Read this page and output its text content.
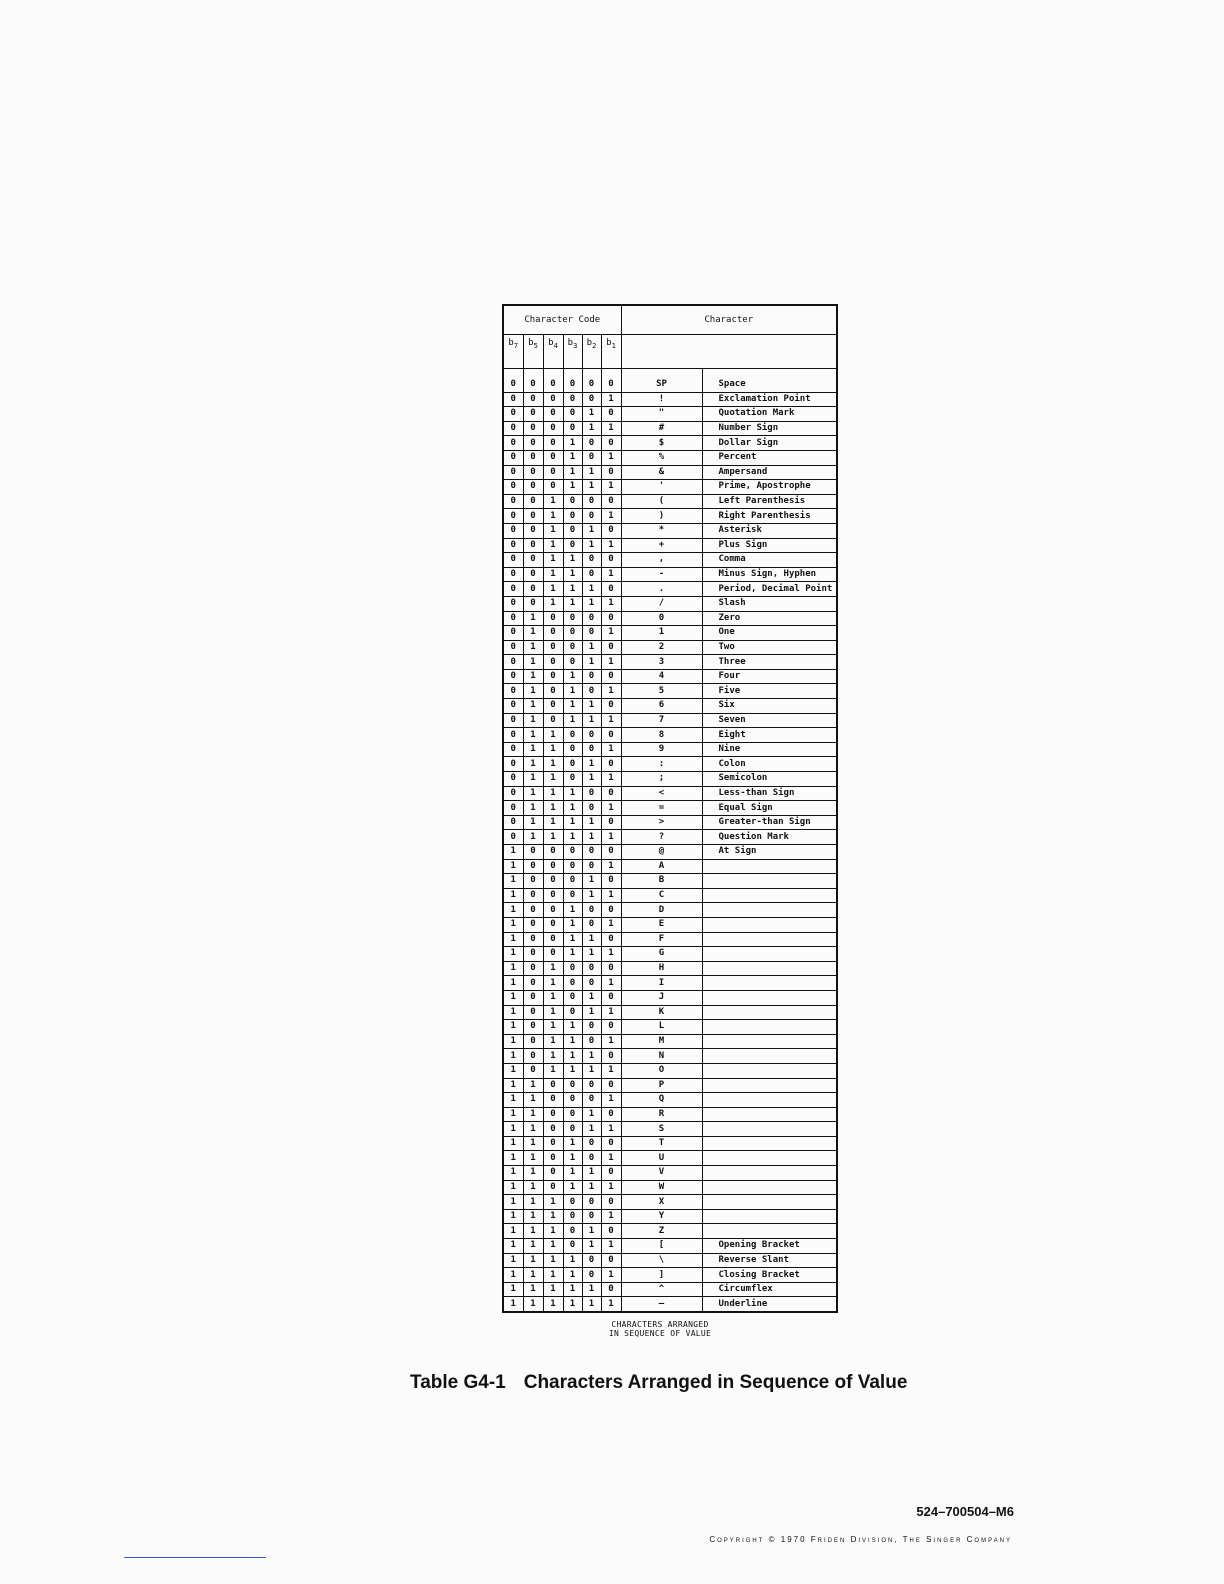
Character Code						Character	
$b_7$	$b_5$	$b_4$	$b_3$	$b_2$	$b_1$	

0	0	0	0	0	0	SP	Space
0	0	0	0	0	1	!	Exclamation Point
0	0	0	0	1	0	"	Quotation Mark
0	0	0	0	1	1	#	Number Sign
0	0	0	1	0	0	$	Dollar Sign
0	0	0	1	0	1	%	Percent
0	0	0	1	1	0	&	Ampersand
0	0	0	1	1	1	'	Prime, Apostrophe
0	0	1	0	0	0	(	Left Parenthesis
0	0	1	0	0	1	)	Right Parenthesis
0	0	1	0	1	0	*	Asterisk
0	0	1	0	1	1	+	Plus Sign
0	0	1	1	0	0	,	Comma
0	0	1	1	0	1	-	Minus Sign, Hyphen
0	0	1	1	1	0	.	Period, Decimal Point
0	0	1	1	1	1	/	Slash
0	1	0	0	0	0	0	Zero
0	1	0	0	0	1	1	One
0	1	0	0	1	0	2	Two
0	1	0	0	1	1	3	Three
0	1	0	1	0	0	4	Four
0	1	0	1	0	1	5	Five
0	1	0	1	1	0	6	Six
0	1	0	1	1	1	7	Seven
0	1	1	0	0	0	8	Eight
0	1	1	0	0	1	9	Nine
0	1	1	0	1	0	:	Colon
0	1	1	0	1	1	;	Semicolon
0	1	1	1	0	0	<	Less-than Sign
0	1	1	1	0	1	=	Equal Sign
0	1	1	1	1	0	>	Greater-than Sign
0	1	1	1	1	1	?	Question Mark
1	0	0	0	0	0	@	At Sign
1	0	0	0	0	1	A	
1	0	0	0	1	0	B	
1	0	0	0	1	1	C	
1	0	0	1	0	0	D	
1	0	0	1	0	1	E	
1	0	0	1	1	0	F	
1	0	0	1	1	1	G	
1	0	1	0	0	0	H	
1	0	1	0	0	1	I	
1	0	1	0	1	0	J	
1	0	1	0	1	1	K	
1	0	1	1	0	0	L	
1	0	1	1	0	1	M	
1	0	1	1	1	0	N	
1	0	1	1	1	1	O	
1	1	0	0	0	0	P	
1	1	0	0	0	1	Q	
1	1	0	0	1	0	R	
1	1	0	0	1	1	S	
1	1	0	1	0	0	T	
1	1	0	1	0	1	U	
1	1	0	1	1	0	V	
1	1	0	1	1	1	W	
1	1	1	0	0	0	X	
1	1	1	0	0	1	Y	
1	1	1	0	1	0	Z	
1	1	1	0	1	1	[	Opening Bracket
1	1	1	1	0	0	\	Reverse Slant
1	1	1	1	0	1	]	Closing Bracket
1	1	1	1	1	0	^	Circumflex
1	1	1	1	1	1	—	Underline
CHARACTERS ARRANGED
IN SEQUENCE OF VALUE
Table G4-1 Characters Arranged in Sequence of Value
524–700504–M6
Copyright © 1970 Friden Division, The Singer Company
